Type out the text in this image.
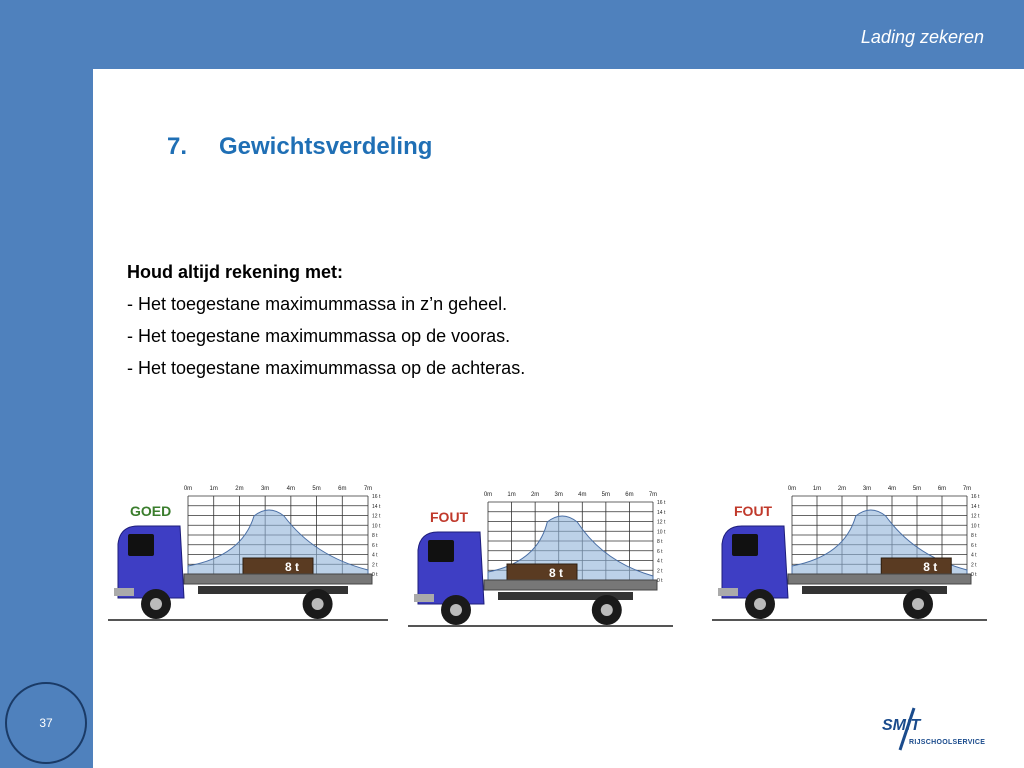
Lading zekeren
7. Gewichtsverdeling
Houd altijd rekening met:
- Het toegestane maximummassa in z’n geheel.
- Het toegestane maximummassa op de vooras.
- Het toegestane maximummassa op de achteras.
GOED
0m	1m	2m	3m	4m	5m	6m	7m
16 t
14 t
12 t
10 t
8 t
6 t
4 t
2 t
0 t
8 t
FOUT
0m	1m	2m	3m	4m	5m	6m	7m
16 t
14 t
12 t
10 t
8 t
6 t
4 t
2 t
0 t
8 t
FOUT
0m	1m	2m	3m	4m	5m	6m	7m
16 t
14 t
12 t
10 t
8 t
6 t
4 t
2 t
0 t
8 t
37	SMIT
RIJSCHOOLSERVICE
